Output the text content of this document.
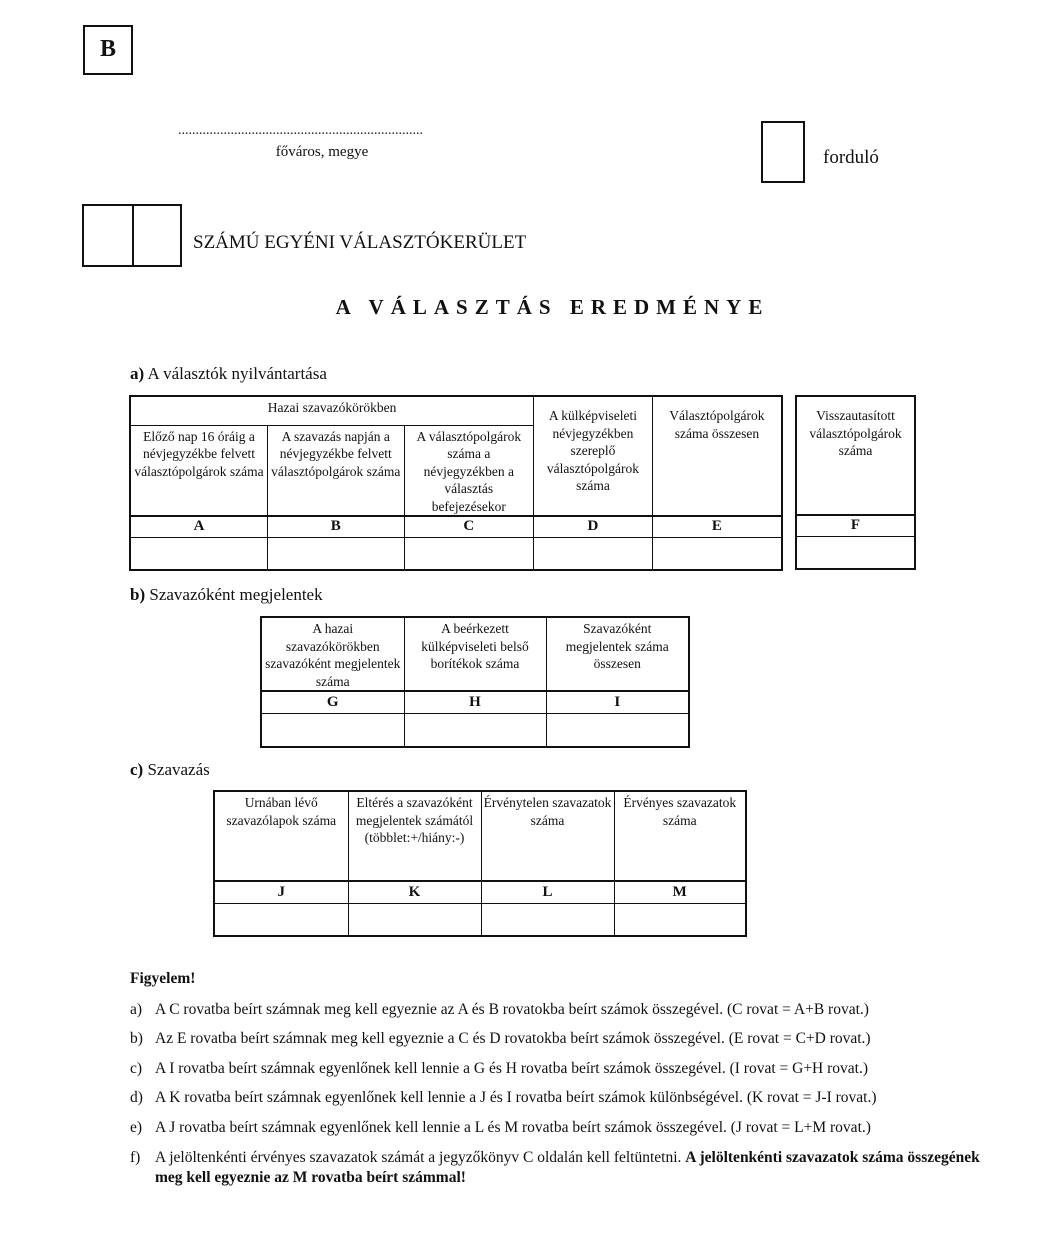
B
......................................................................
főváros, megye	forduló
SZÁMÚ EGYÉNI VÁLASZTÓKERÜLET
A VÁLASZTÁS EREDMÉNYE
a) A választók nyilvántartása
Hazai szavazókörökben			A külképviseleti névjegyzékben szereplő választópolgárok száma	Választópolgárok száma összesen
Előző nap 16 óráig a névjegyzékbe felvett választópolgárok száma	A szavazás napján a névjegyzékbe felvett választópolgárok száma	A választópolgárok száma a névjegyzékben a választás befejezésekor		
A	B	C	D	E

Visszautasított választópolgárok száma
F

b) Szavazóként megjelentek
A hazai szavazókörökben szavazóként megjelentek száma	A beérkezett külképviseleti belső borítékok száma	Szavazóként megjelentek száma összesen
G	H	I

c) Szavazás
Urnában lévő szavazólapok száma	Eltérés a szavazóként megjelentek számától (többlet:+/hiány:-)	Érvénytelen szavazatok száma	Érvényes szavazatok száma
J	K	L	M

Figyelem!
a) A C rovatba beírt számnak meg kell egyeznie az A és B rovatokba beírt számok összegével. (C rovat = A+B rovat.)
b) Az E rovatba beírt számnak meg kell egyeznie a C és D rovatokba beírt számok összegével. (E rovat = C+D rovat.)
c) A I rovatba beírt számnak egyenlőnek kell lennie a G és H rovatba beírt számok összegével. (I rovat = G+H rovat.)
d) A K rovatba beírt számnak egyenlőnek kell lennie a J és I rovatba beírt számok különbségével. (K rovat = J-I rovat.)
e) A J rovatba beírt számnak egyenlőnek kell lennie a L és M rovatba beírt számok összegével. (J rovat = L+M rovat.)
f) A jelöltenkénti érvényes szavazatok számát a jegyzőkönyv C oldalán kell feltüntetni. A jelöltenkénti szavazatok száma összegének meg kell egyeznie az M rovatba beírt számmal!
